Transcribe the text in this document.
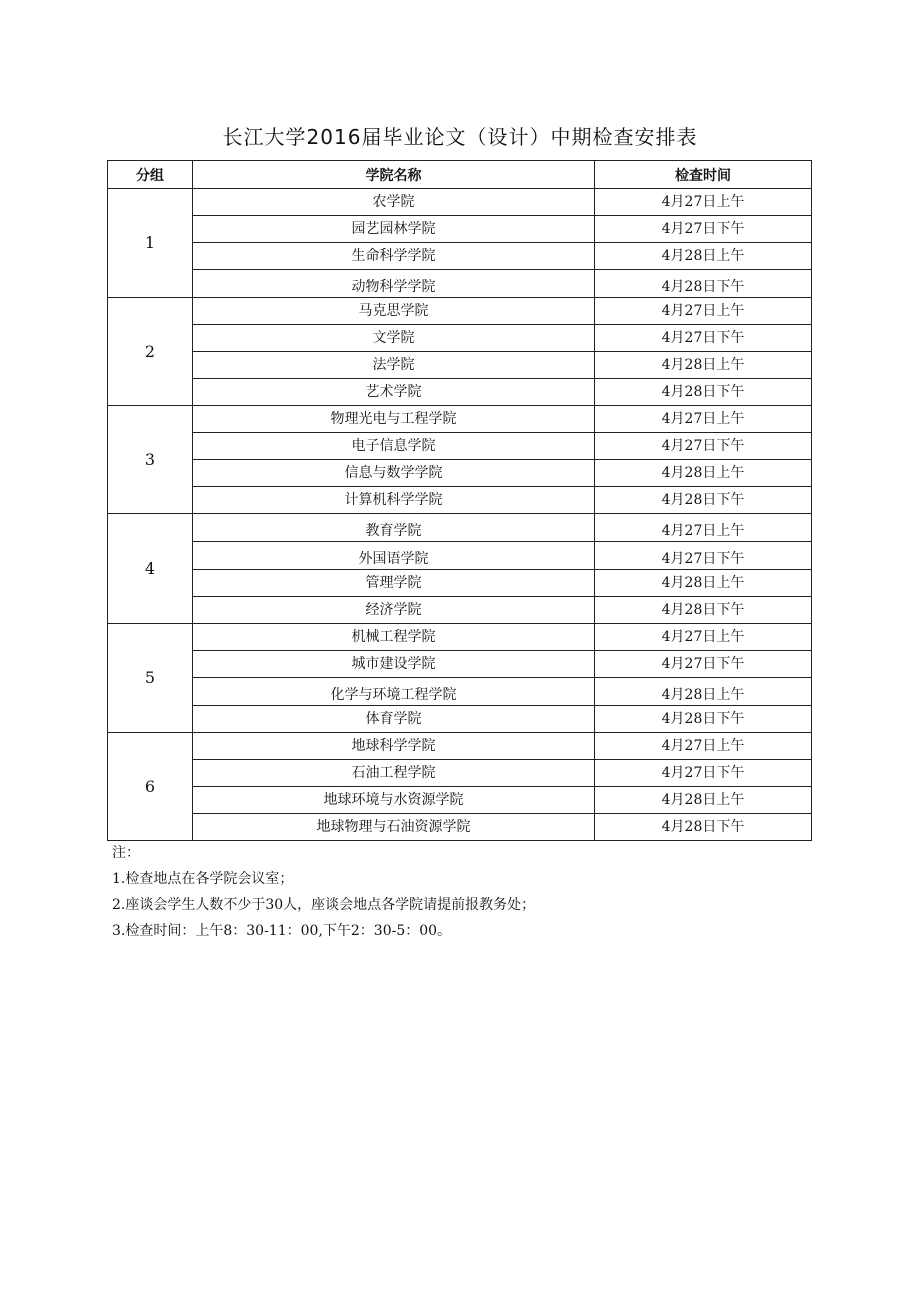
长江大学2016届毕业论文（设计）中期检查安排表
分组	学院名称	检查时间
1	农学院	4月27日上午
	园艺园林学院	4月27日下午
	生命科学学院	4月28日上午
	动物科学学院	4月28日下午
2	马克思学院	4月27日上午
	文学院	4月27日下午
	法学院	4月28日上午
	艺术学院	4月28日下午
3	物理光电与工程学院	4月27日上午
	电子信息学院	4月27日下午
	信息与数学学院	4月28日上午
	计算机科学学院	4月28日下午
4	教育学院	4月27日上午
	外国语学院	4月27日下午
	管理学院	4月28日上午
	经济学院	4月28日下午
5	机械工程学院	4月27日上午
	城市建设学院	4月27日下午
	化学与环境工程学院	4月28日上午
	体育学院	4月28日下午
6	地球科学学院	4月27日上午
	石油工程学院	4月27日下午
	地球环境与水资源学院	4月28日上午
	地球物理与石油资源学院	4月28日下午
注：
1.检查地点在各学院会议室；
2.座谈会学生人数不少于30人，座谈会地点各学院请提前报教务处；
3.检查时间：上午8：30-11：00,下午2：30-5：00。
